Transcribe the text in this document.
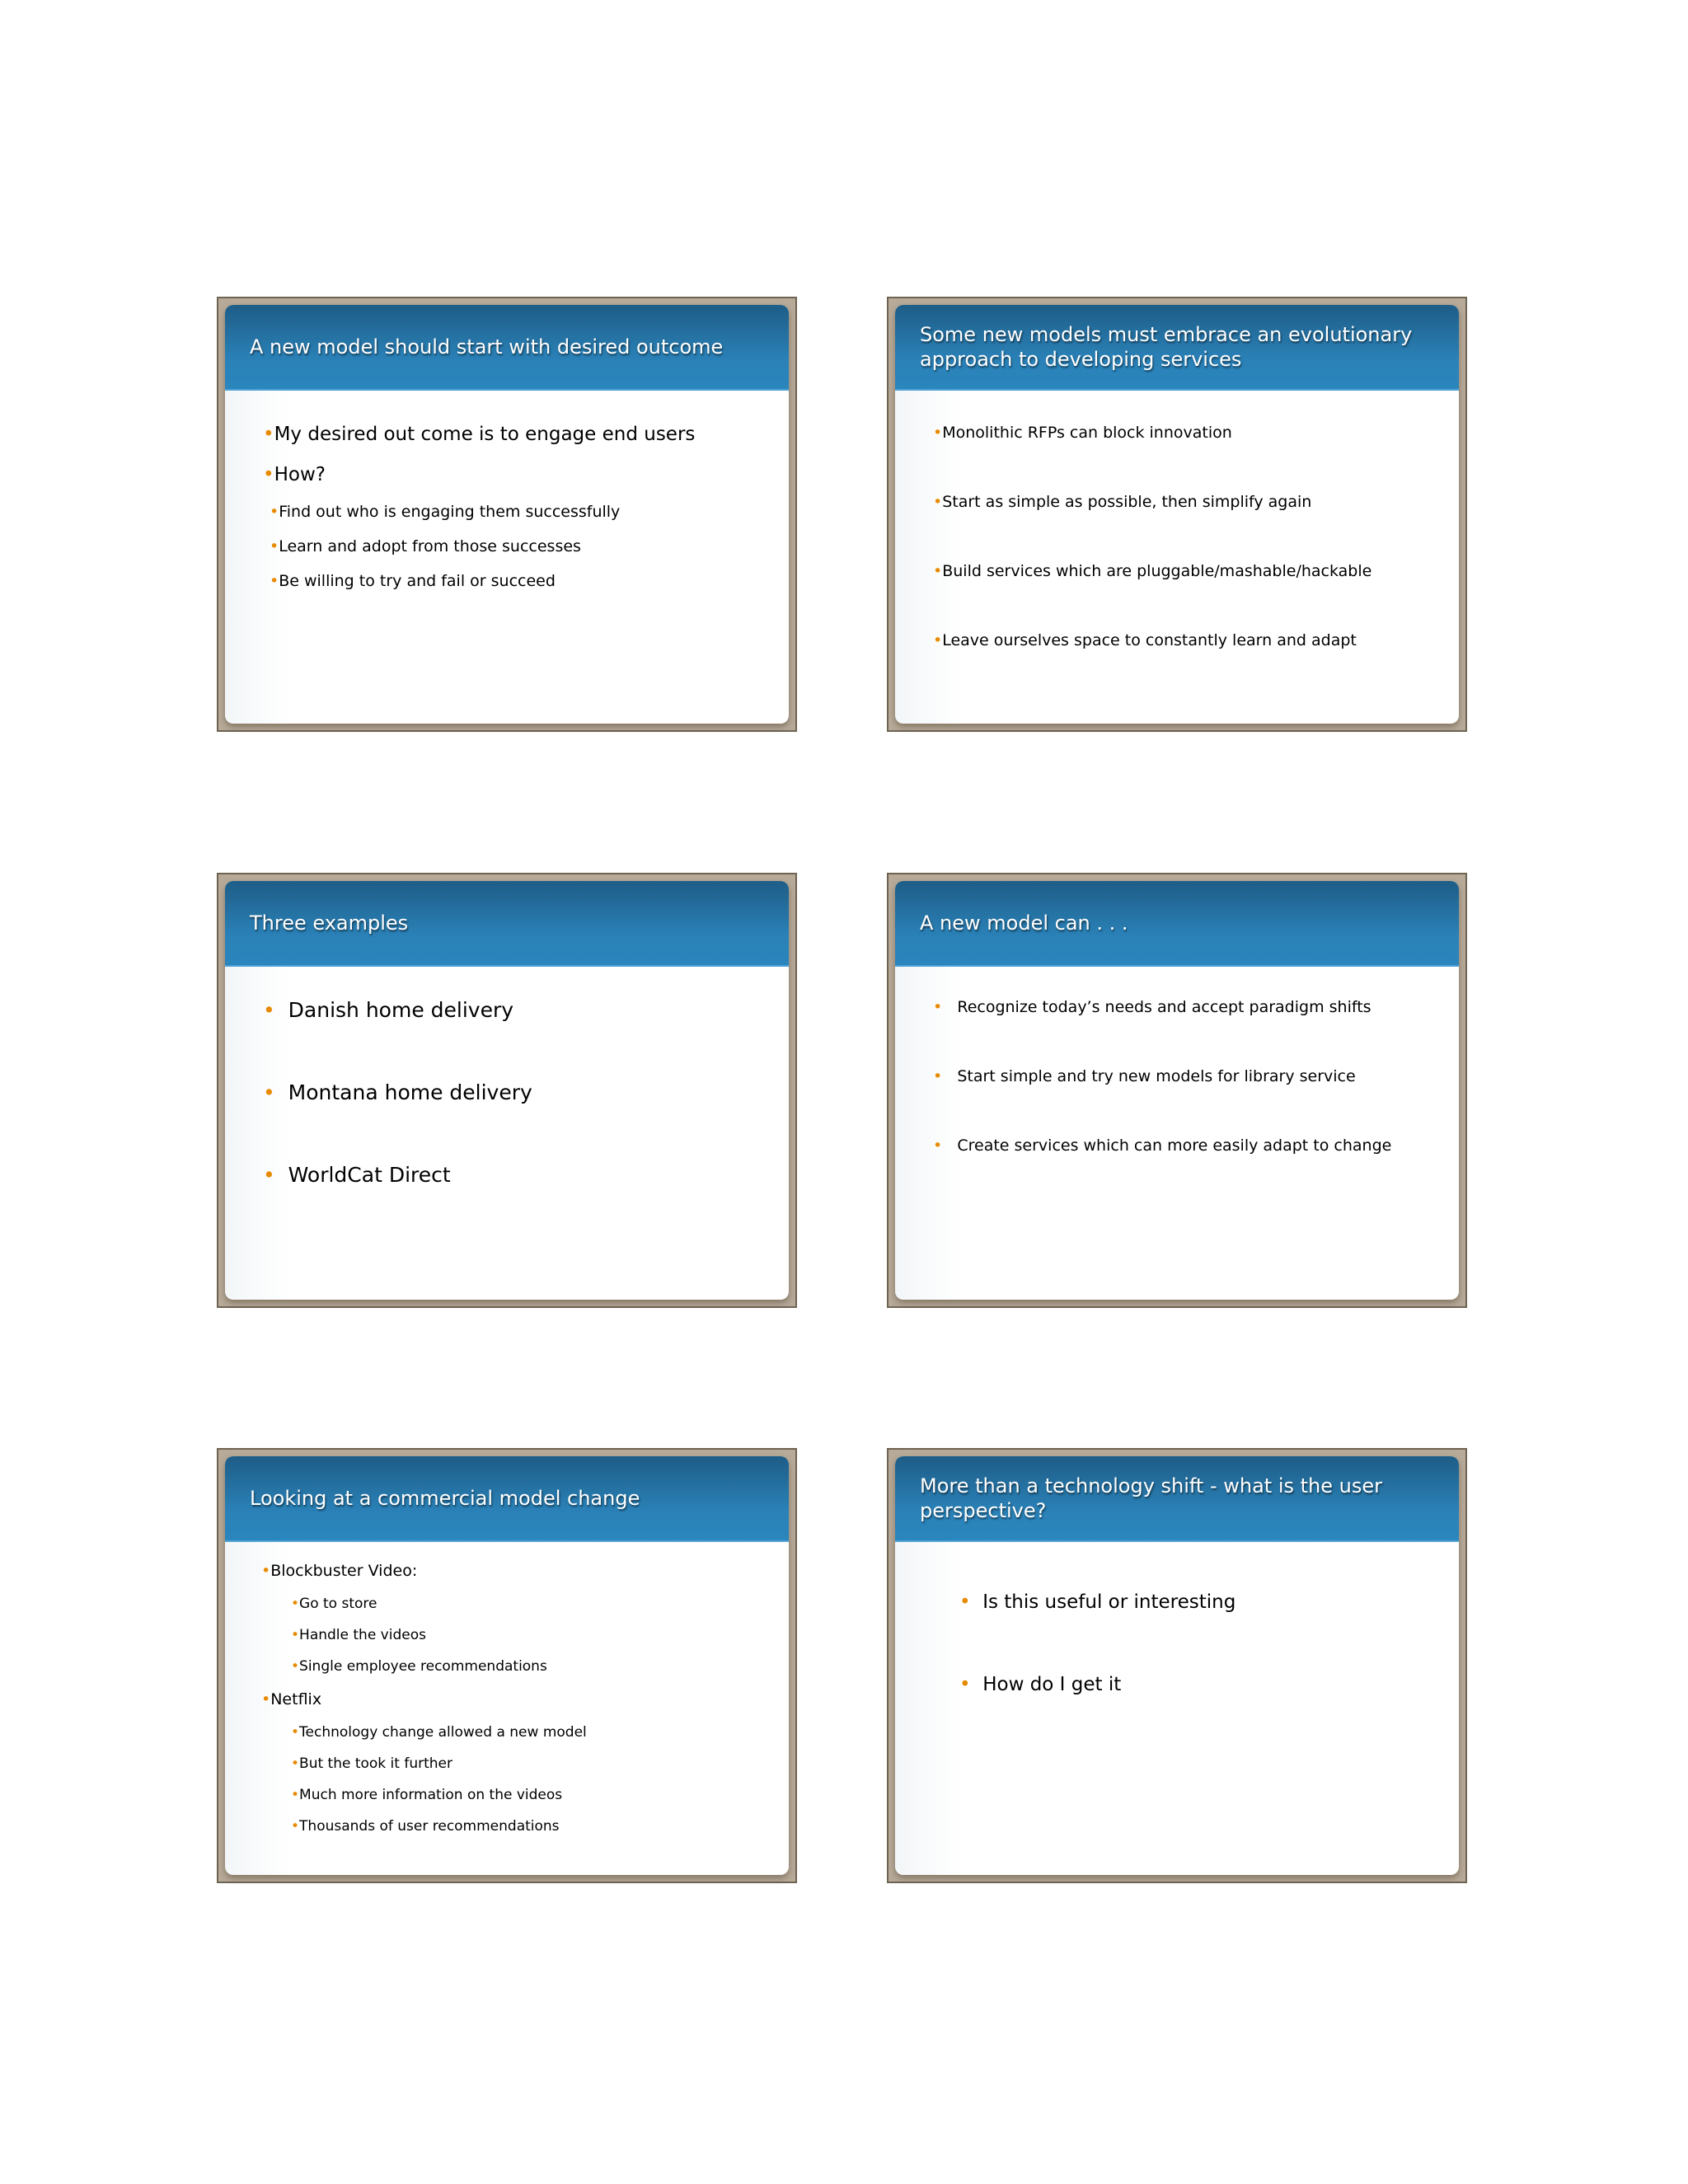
A new model should start with desired outcome
•My desired out come is to engage end users
•How?
•Find out who is engaging them successfully
•Learn and adopt from those successes
•Be willing to try and fail or succeed
Some new models must embrace an evolutionary approach to developing services
•Monolithic RFPs can block innovation
•Start as simple as possible, then simplify again
•Build services which are pluggable/mashable/hackable
•Leave ourselves space to constantly learn and adapt
Three examples
• Danish home delivery
• Montana home delivery
• WorldCat Direct
A new model can . . .
• Recognize today’s needs and accept paradigm shifts
• Start simple and try new models for library service
• Create services which can more easily adapt to change
Looking at a commercial model change
•Blockbuster Video:
•Go to store
•Handle the videos
•Single employee recommendations
•Netflix
•Technology change allowed a new model
•But the took it further
•Much more information on the videos
•Thousands of user recommendations
More than a technology shift - what is the user perspective?
• Is this useful or interesting
• How do I get it
